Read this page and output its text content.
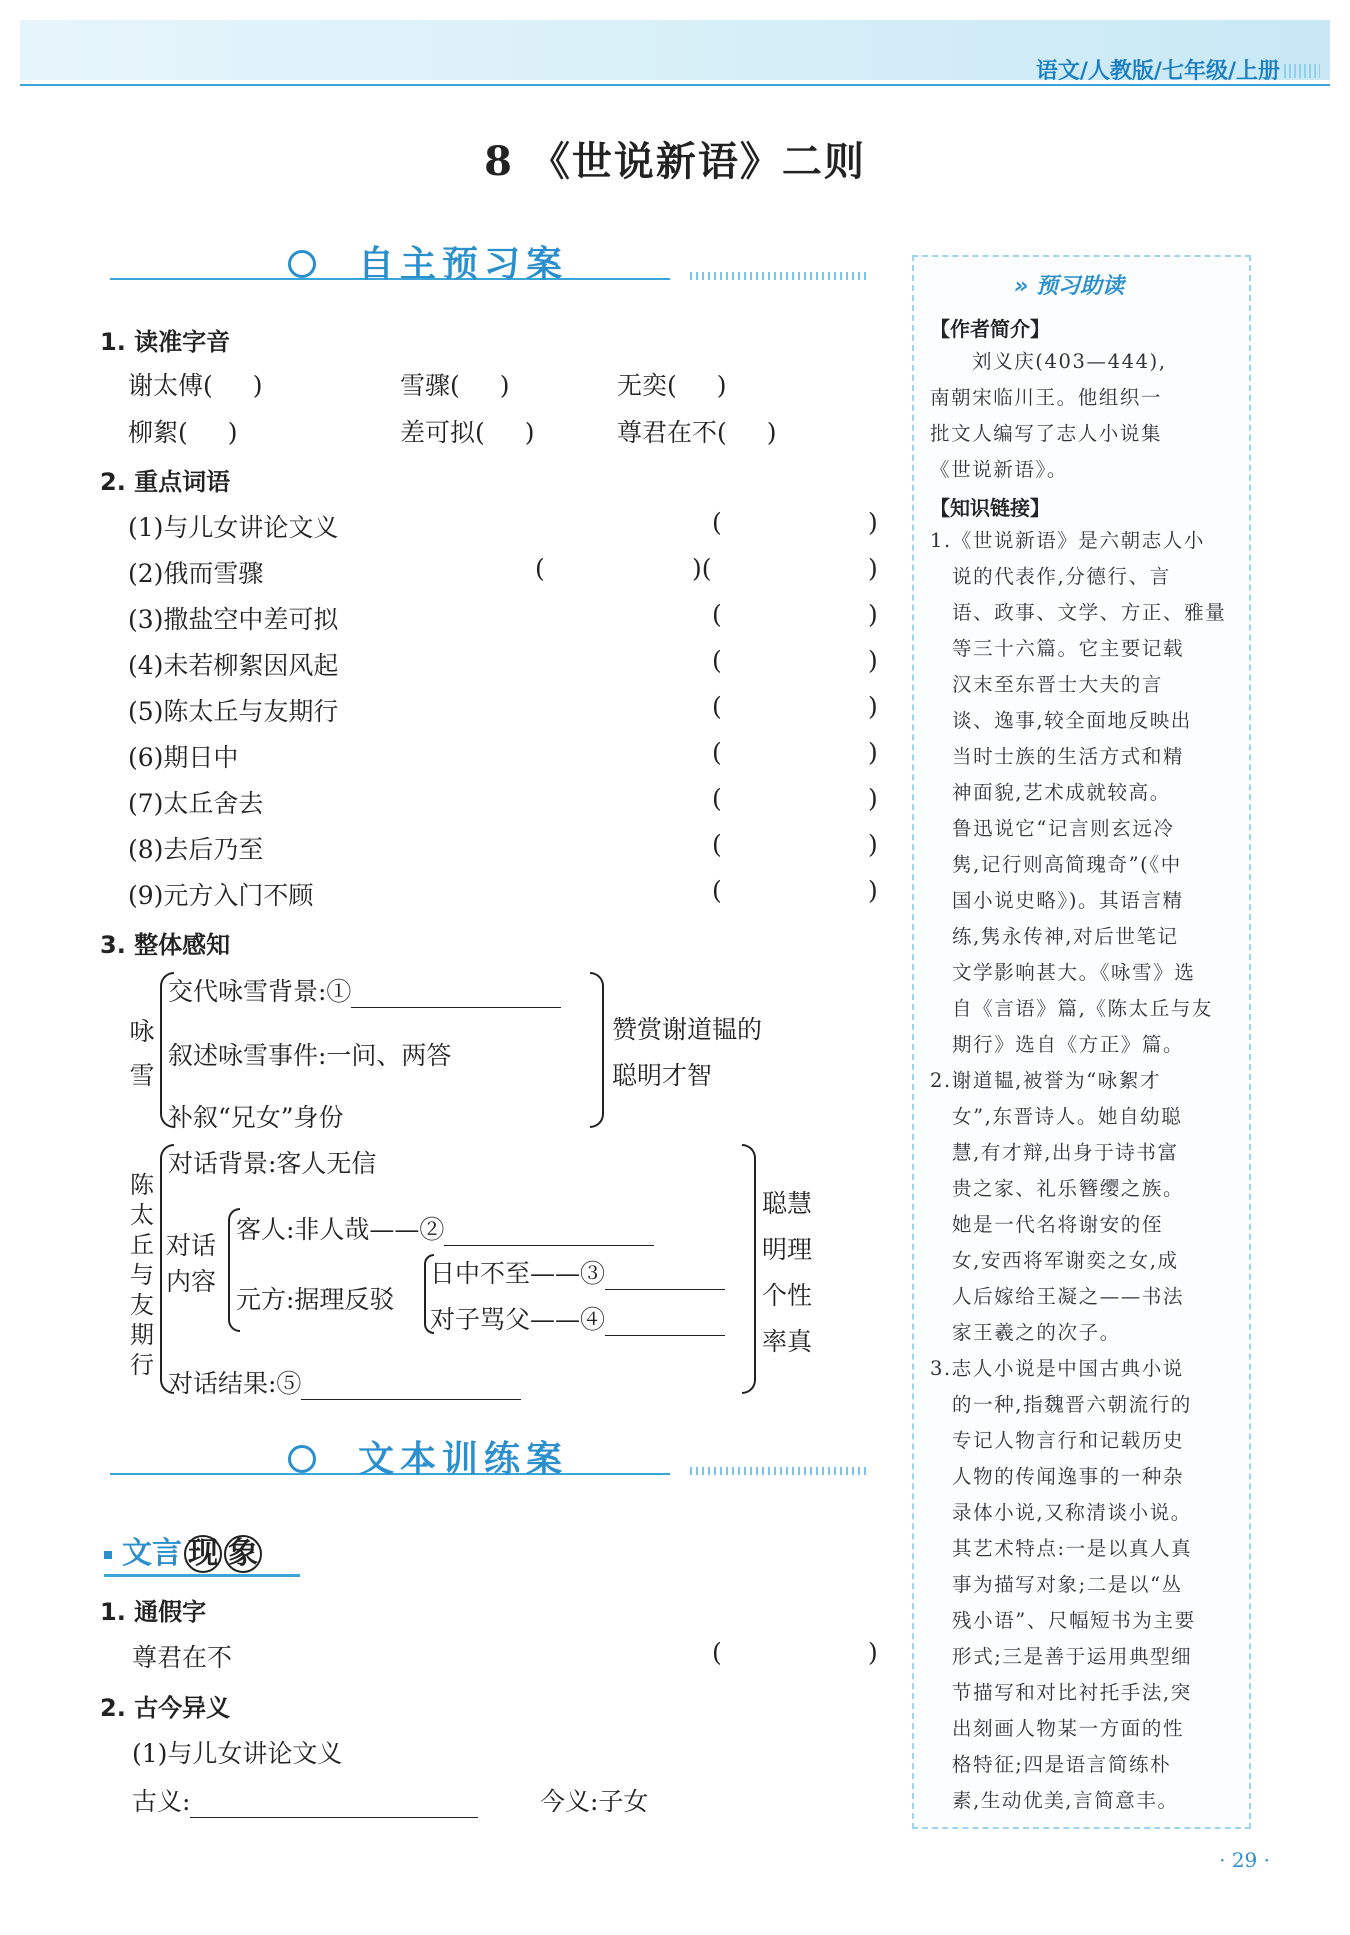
语文/人教版/七年级/上册
8 《世说新语》二则
自主预习案
1. 读准字音
谢太傅( )	雪骤( )	无奕( )
柳絮( )	差可拟( )	尊君在不( )
2. 重点词语
(1)与儿女讲论文义	(	)
(2)俄而雪骤	(	)(	)
(3)撒盐空中差可拟	(	)
(4)未若柳絮因风起	(	)
(5)陈太丘与友期行	(	)
(6)期日中	(	)
(7)太丘舍去	(	)
(8)去后乃至	(	)
(9)元方入门不顾	(	)
3. 整体感知
咏雪
交代咏雪背景:①
叙述咏雪事件:一问、两答
补叙“兄女”身份
赞赏谢道韫的
聪明才智
陈太丘与友期行
对话背景:客人无信
对话内容
客人:非人哉——②
元方:据理反驳
日中不至——③
对子骂父——④
对话结果:⑤
聪慧
明理
个性
率真
文本训练案
文言 现 象
1. 通假字
尊君在不	(	)
2. 古今异义
(1)与儿女讲论文义
古义:	今义:子女
» 预习助读
【作者简介】
刘义庆(403—444),
南朝宋临川王。他组织一
批文人编写了志人小说集
《世说新语》。
【知识链接】
1.《世说新语》是六朝志人小
说的代表作,分德行、言
语、政事、文学、方正、雅量
等三十六篇。它主要记载
汉末至东晋士大夫的言
谈、逸事,较全面地反映出
当时士族的生活方式和精
神面貌,艺术成就较高。
鲁迅说它“记言则玄远冷
隽,记行则高简瑰奇”(《中
国小说史略》)。其语言精
练,隽永传神,对后世笔记
文学影响甚大。《咏雪》选
自《言语》篇,《陈太丘与友
期行》选自《方正》篇。
2.谢道韫,被誉为“咏絮才
女”,东晋诗人。她自幼聪
慧,有才辩,出身于诗书富
贵之家、礼乐簪缨之族。
她是一代名将谢安的侄
女,安西将军谢奕之女,成
人后嫁给王凝之——书法
家王羲之的次子。
3.志人小说是中国古典小说
的一种,指魏晋六朝流行的
专记人物言行和记载历史
人物的传闻逸事的一种杂
录体小说,又称清谈小说。
其艺术特点:一是以真人真
事为描写对象;二是以“丛
残小语”、尺幅短书为主要
形式;三是善于运用典型细
节描写和对比衬托手法,突
出刻画人物某一方面的性
格特征;四是语言简练朴
素,生动优美,言简意丰。
· 29 ·
